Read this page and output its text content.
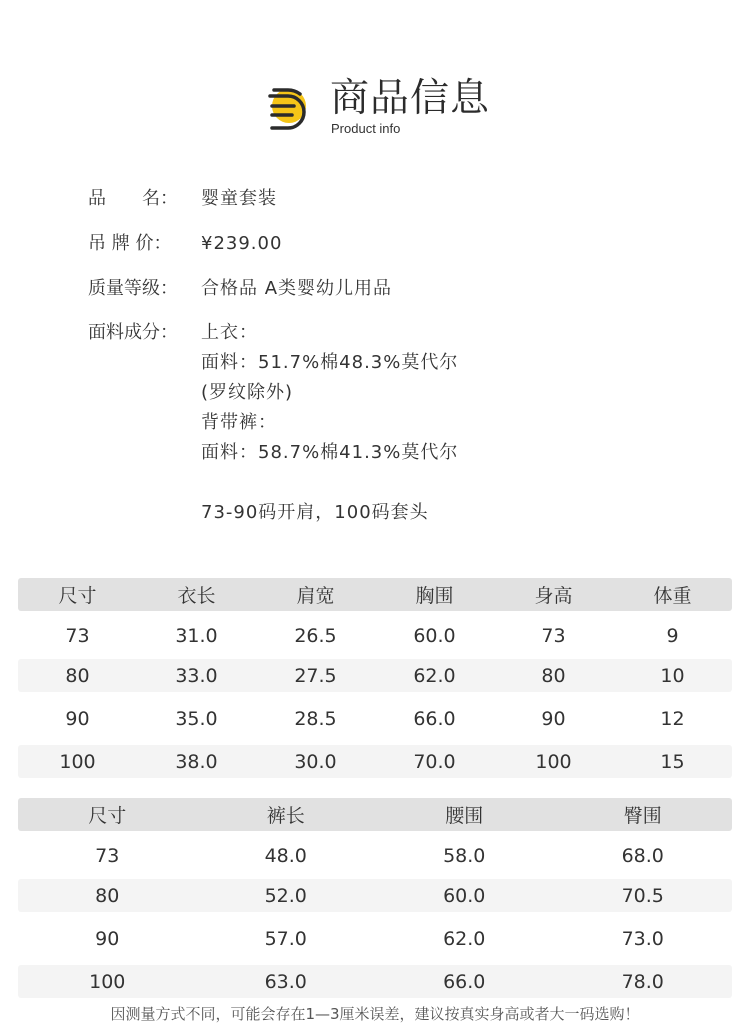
商品信息
Product info
品　　名：	婴童套装
吊 牌 价：	¥239.00
质量等级：	合格品 A类婴幼儿用品
面料成分：	上衣：
面料：51.7%棉48.3%莫代尔
(罗纹除外)
背带裤：
面料：58.7%棉41.3%莫代尔
73-90码开肩，100码套头
尺寸	衣长	肩宽	胸围	身高	体重
73	31.0	26.5	60.0	73	9
80	33.0	27.5	62.0	80	10
90	35.0	28.5	66.0	90	12
100	38.0	30.0	70.0	100	15
尺寸	裤长	腰围	臀围
73	48.0	58.0	68.0
80	52.0	60.0	70.5
90	57.0	62.0	73.0
100	63.0	66.0	78.0
因测量方式不同，可能会存在1—3厘米误差，建议按真实身高或者大一码选购！
